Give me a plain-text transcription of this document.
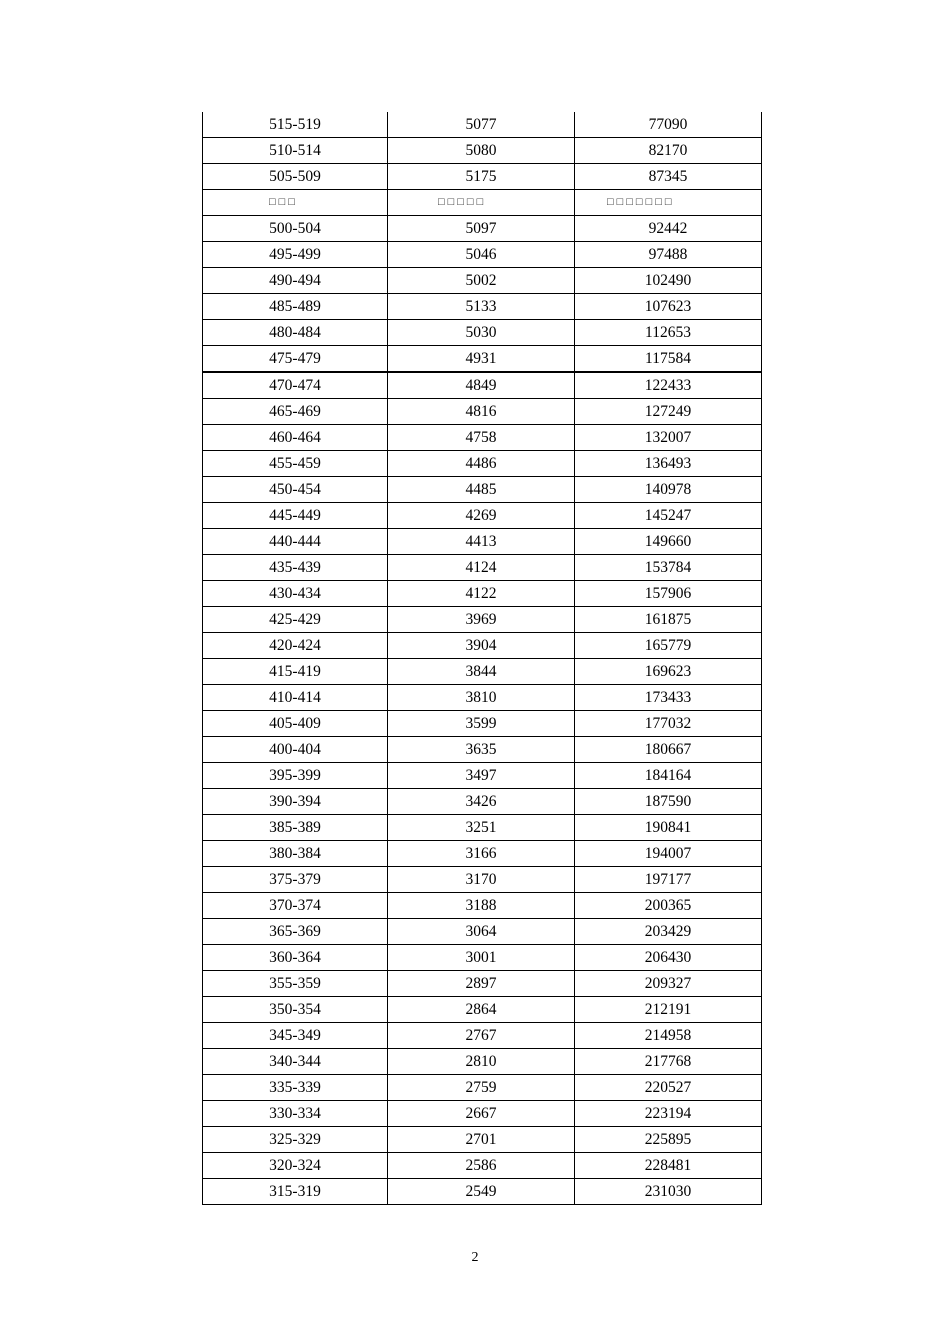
515-519	5077	77090
510-514	5080	82170
505-509	5175	87345
□□□	□□□□□	□□□□□□□
500-504	5097	92442
495-499	5046	97488
490-494	5002	102490
485-489	5133	107623
480-484	5030	112653
475-479	4931	117584
470-474	4849	122433
465-469	4816	127249
460-464	4758	132007
455-459	4486	136493
450-454	4485	140978
445-449	4269	145247
440-444	4413	149660
435-439	4124	153784
430-434	4122	157906
425-429	3969	161875
420-424	3904	165779
415-419	3844	169623
410-414	3810	173433
405-409	3599	177032
400-404	3635	180667
395-399	3497	184164
390-394	3426	187590
385-389	3251	190841
380-384	3166	194007
375-379	3170	197177
370-374	3188	200365
365-369	3064	203429
360-364	3001	206430
355-359	2897	209327
350-354	2864	212191
345-349	2767	214958
340-344	2810	217768
335-339	2759	220527
330-334	2667	223194
325-329	2701	225895
320-324	2586	228481
315-319	2549	231030
2
